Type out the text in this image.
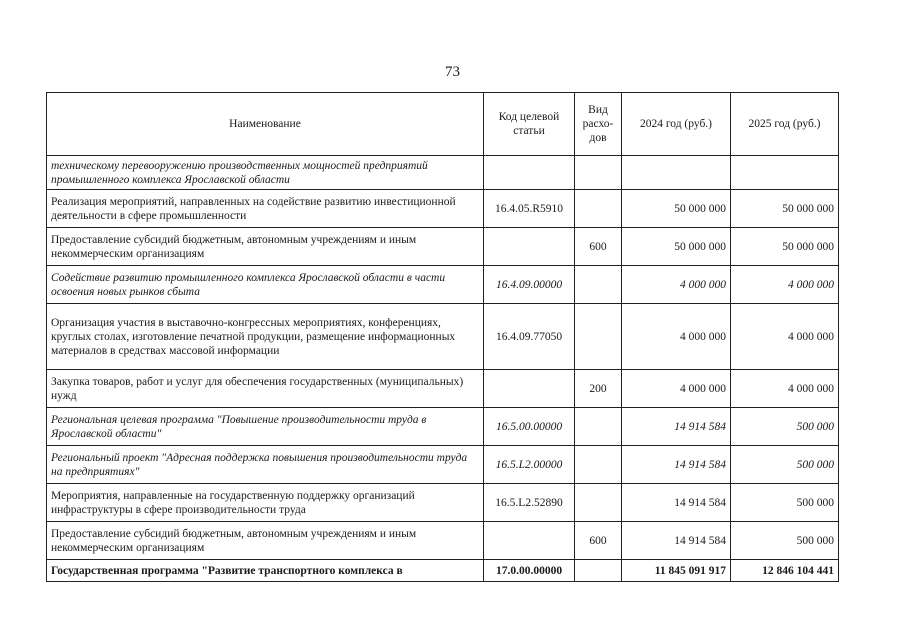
73
Наименование	Код целевой статьи	Вид расхо-дов	2024 год (руб.)	2025 год (руб.)
техническому перевооружению производственных мощностей предприятий промышленного комплекса Ярославской области				
Реализация мероприятий, направленных на содействие развитию инвестиционной деятельности в сфере промышленности	16.4.05.R5910		50 000 000	50 000 000
Предоставление субсидий бюджетным, автономным учреждениям и иным некоммерческим организациям		600	50 000 000	50 000 000
Содействие развитию промышленного комплекса Ярославской области в части освоения новых рынков сбыта	16.4.09.00000		4 000 000	4 000 000
Организация участия в выставочно-конгрессных мероприятиях, конференциях, круглых столах, изготовление печатной продукции, размещение информационных материалов в средствах массовой информации	16.4.09.77050		4 000 000	4 000 000
Закупка товаров, работ и услуг для обеспечения государственных (муниципальных) нужд		200	4 000 000	4 000 000
Региональная целевая программа "Повышение производительности труда в Ярославской области"	16.5.00.00000		14 914 584	500 000
Региональный проект "Адресная поддержка повышения производительности труда на предприятиях"	16.5.L2.00000		14 914 584	500 000
Мероприятия, направленные на государственную поддержку организаций инфраструктуры в сфере производительности труда	16.5.L2.52890		14 914 584	500 000
Предоставление субсидий бюджетным, автономным учреждениям и иным некоммерческим организациям		600	14 914 584	500 000
Государственная программа "Развитие транспортного комплекса в	17.0.00.00000		11 845 091 917	12 846 104 441
